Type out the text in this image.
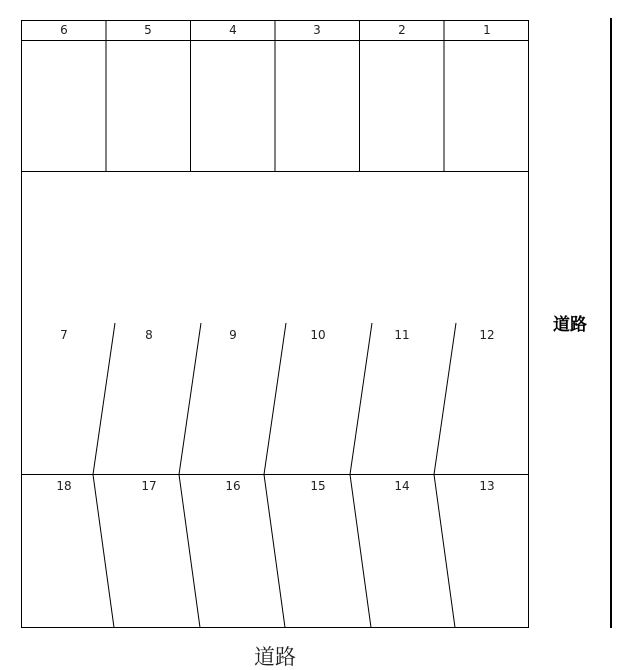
6	5	4	3	2	1
7	8	9	10	11	12
18	17	16	15	14	13
道路
道路
